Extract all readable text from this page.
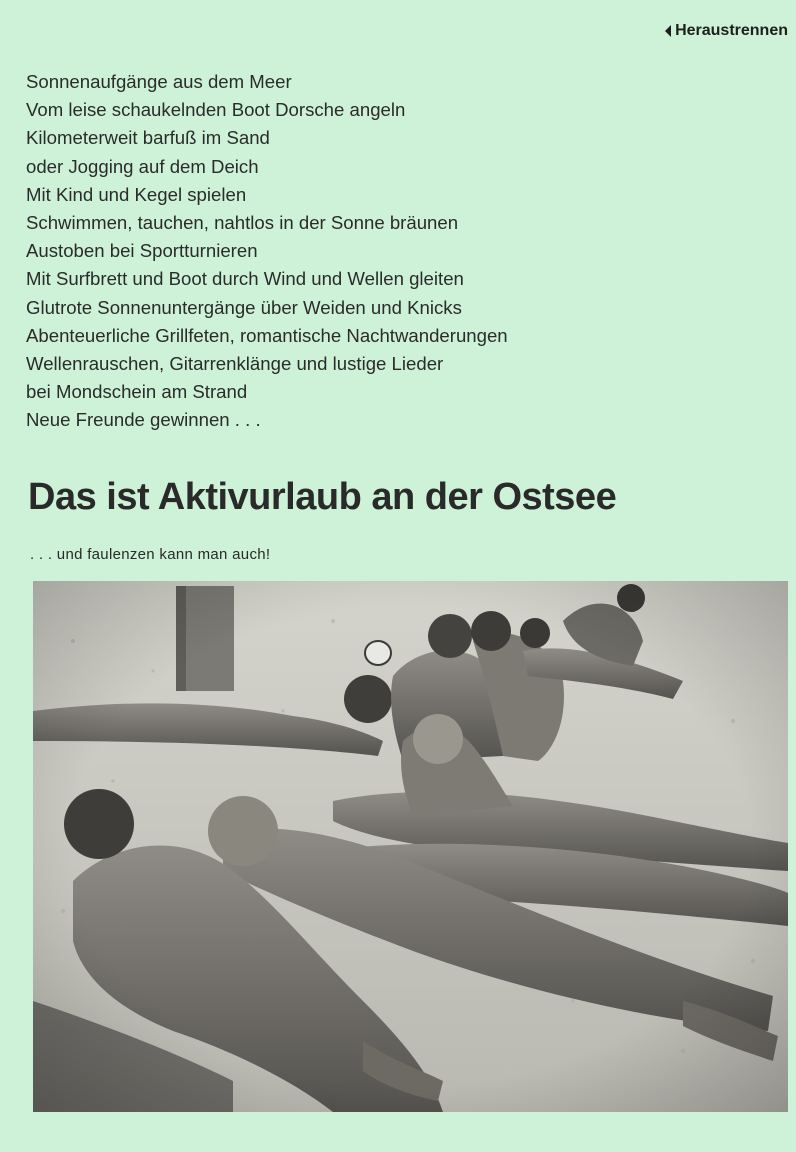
Heraustrennen
Sonnenaufgänge aus dem Meer
Vom leise schaukelnden Boot Dorsche angeln
Kilometerweit barfuß im Sand
oder Jogging auf dem Deich
Mit Kind und Kegel spielen
Schwimmen, tauchen, nahtlos in der Sonne bräunen
Austoben bei Sportturnieren
Mit Surfbrett und Boot durch Wind und Wellen gleiten
Glutrote Sonnenuntergänge über Weiden und Knicks
Abenteuerliche Grillfeten, romantische Nachtwanderungen
Wellenrauschen, Gitarrenklänge und lustige Lieder
bei Mondschein am Strand
Neue Freunde gewinnen . . .
Das ist Aktivurlaub an der Ostsee
. . . und faulenzen kann man auch!
